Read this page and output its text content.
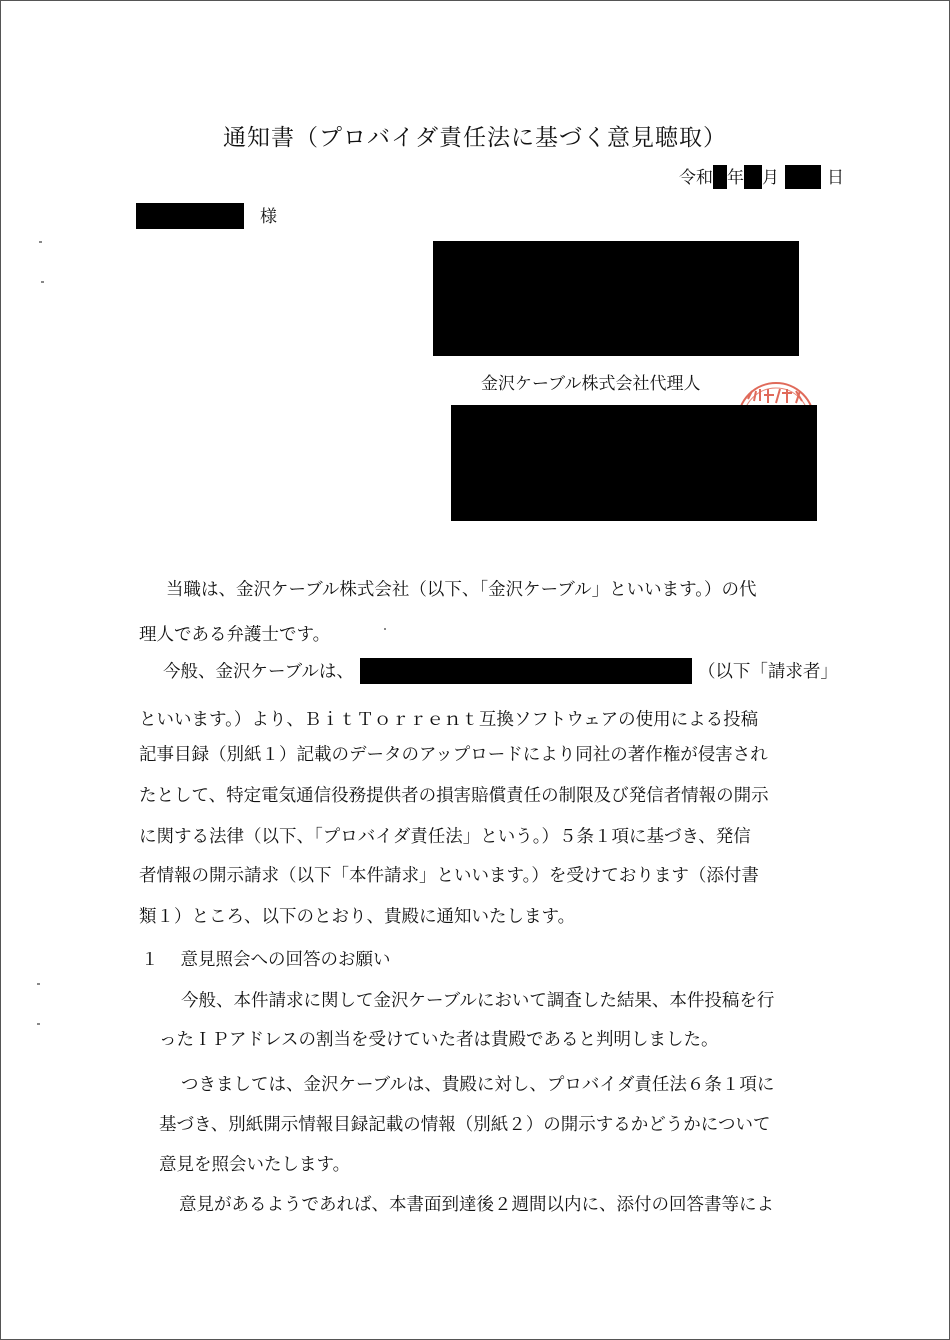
通知書（プロバイダ責任法に基づく意見聴取）
令和 年 月	日
様
金沢ケーブル株式会社代理人
当職は、金沢ケーブル株式会社（以下、「金沢ケーブル」といいます。）の代
理人である弁護士です。
今般、金沢ケーブルは、	（以下「請求者」
といいます。）より、ＢｉｔＴｏｒｒｅｎｔ互換ソフトウェアの使用による投稿
記事目録（別紙１）記載のデータのアップロードにより同社の著作権が侵害され
たとして、特定電気通信役務提供者の損害賠償責任の制限及び発信者情報の開示
に関する法律（以下、「プロバイダ責任法」という。）５条１項に基づき、発信
者情報の開示請求（以下「本件請求」といいます。）を受けております（添付書
類１）ところ、以下のとおり、貴殿に通知いたします。
１ 意見照会への回答のお願い
今般、本件請求に関して金沢ケーブルにおいて調査した結果、本件投稿を行
ったＩＰアドレスの割当を受けていた者は貴殿であると判明しました。
つきましては、金沢ケーブルは、貴殿に対し、プロバイダ責任法６条１項に
基づき、別紙開示情報目録記載の情報（別紙２）の開示するかどうかについて
意見を照会いたします。
意見があるようであれば、本書面到達後２週間以内に、添付の回答書等によ
